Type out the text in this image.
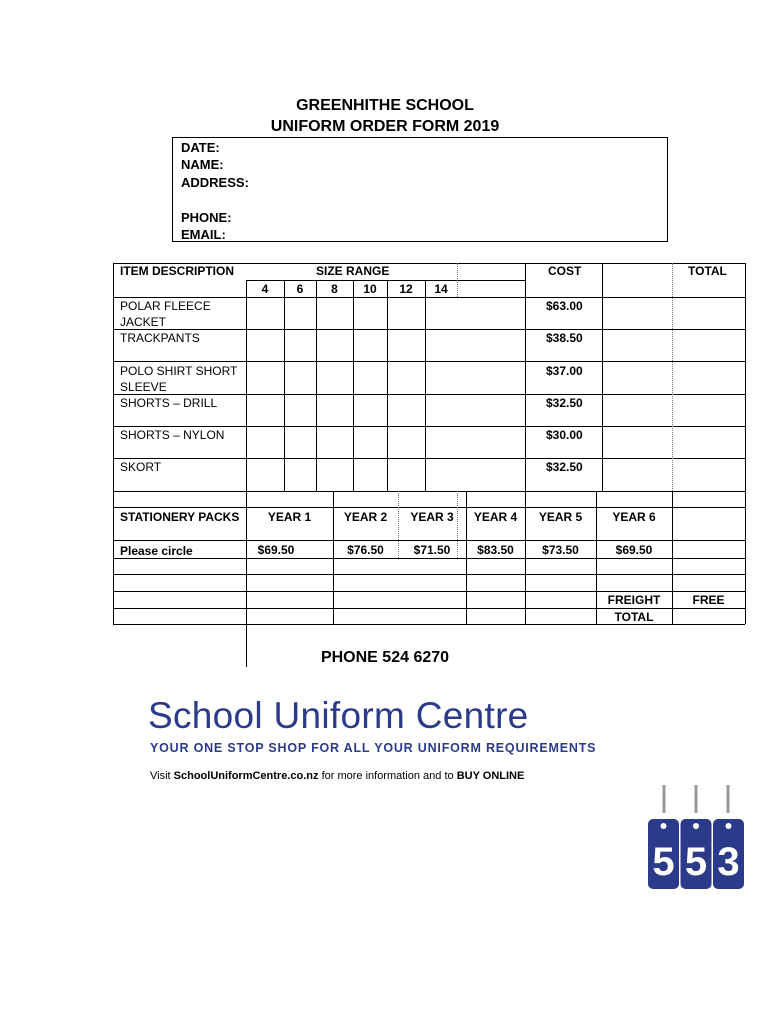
GREENHITHE SCHOOL
UNIFORM ORDER FORM 2019
DATE:
NAME:
ADDRESS:
PHONE:
EMAIL:
ITEM DESCRIPTION	SIZE RANGE	COST	TOTAL
4	6	8	10	12	14
POLAR FLEECE
JACKET
$63.00
TRACKPANTS	$38.50
POLO SHIRT SHORT
SLEEVE
$37.00
SHORTS – DRILL	$32.50
SHORTS – NYLON	$30.00
SKORT	$32.50
STATIONERY PACKS	YEAR 1	YEAR 2	YEAR 3	YEAR 4	YEAR 5	YEAR 6
Please circle	$69.50	$76.50	$71.50	$83.50	$73.50	$69.50
FREIGHT	FREE
TOTAL
PHONE 524 6270
School Uniform Centre
YOUR ONE STOP SHOP FOR ALL YOUR UNIFORM REQUIREMENTS
Visit SchoolUniformCentre.co.nz for more information and to BUY ONLINE
5 5 3
